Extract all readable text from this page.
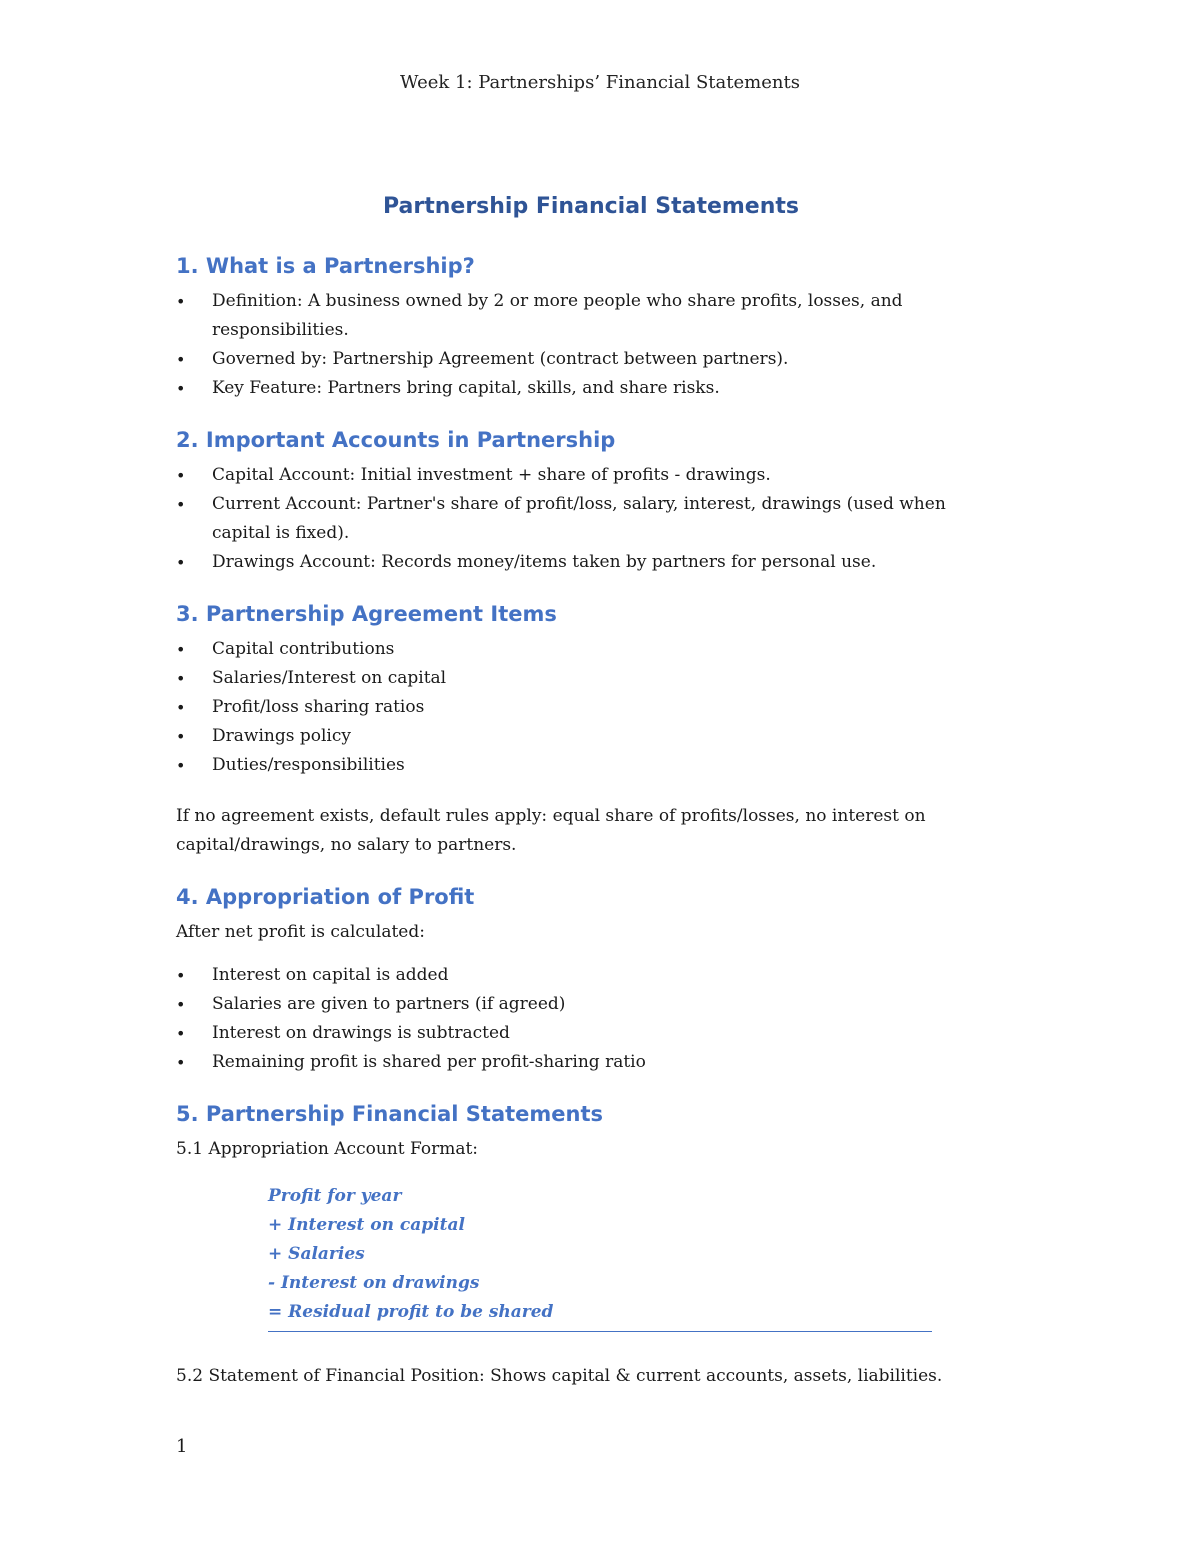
Week 1: Partnerships’ Financial Statements
Partnership Financial Statements
1. What is a Partnership?
• Definition: A business owned by 2 or more people who share profits, losses, and responsibilities.
• Governed by: Partnership Agreement (contract between partners).
• Key Feature: Partners bring capital, skills, and share risks.
2. Important Accounts in Partnership
• Capital Account: Initial investment + share of profits - drawings.
• Current Account: Partner's share of profit/loss, salary, interest, drawings (used when capital is fixed).
• Drawings Account: Records money/items taken by partners for personal use.
3. Partnership Agreement Items
• Capital contributions
• Salaries/Interest on capital
• Profit/loss sharing ratios
• Drawings policy
• Duties/responsibilities
If no agreement exists, default rules apply: equal share of profits/losses, no interest on capital/drawings, no salary to partners.
4. Appropriation of Profit
After net profit is calculated:
• Interest on capital is added
• Salaries are given to partners (if agreed)
• Interest on drawings is subtracted
• Remaining profit is shared per profit-sharing ratio
5. Partnership Financial Statements
5.1 Appropriation Account Format:
Profit for year
+ Interest on capital
+ Salaries
- Interest on drawings
= Residual profit to be shared
5.2 Statement of Financial Position: Shows capital & current accounts, assets, liabilities.
1
